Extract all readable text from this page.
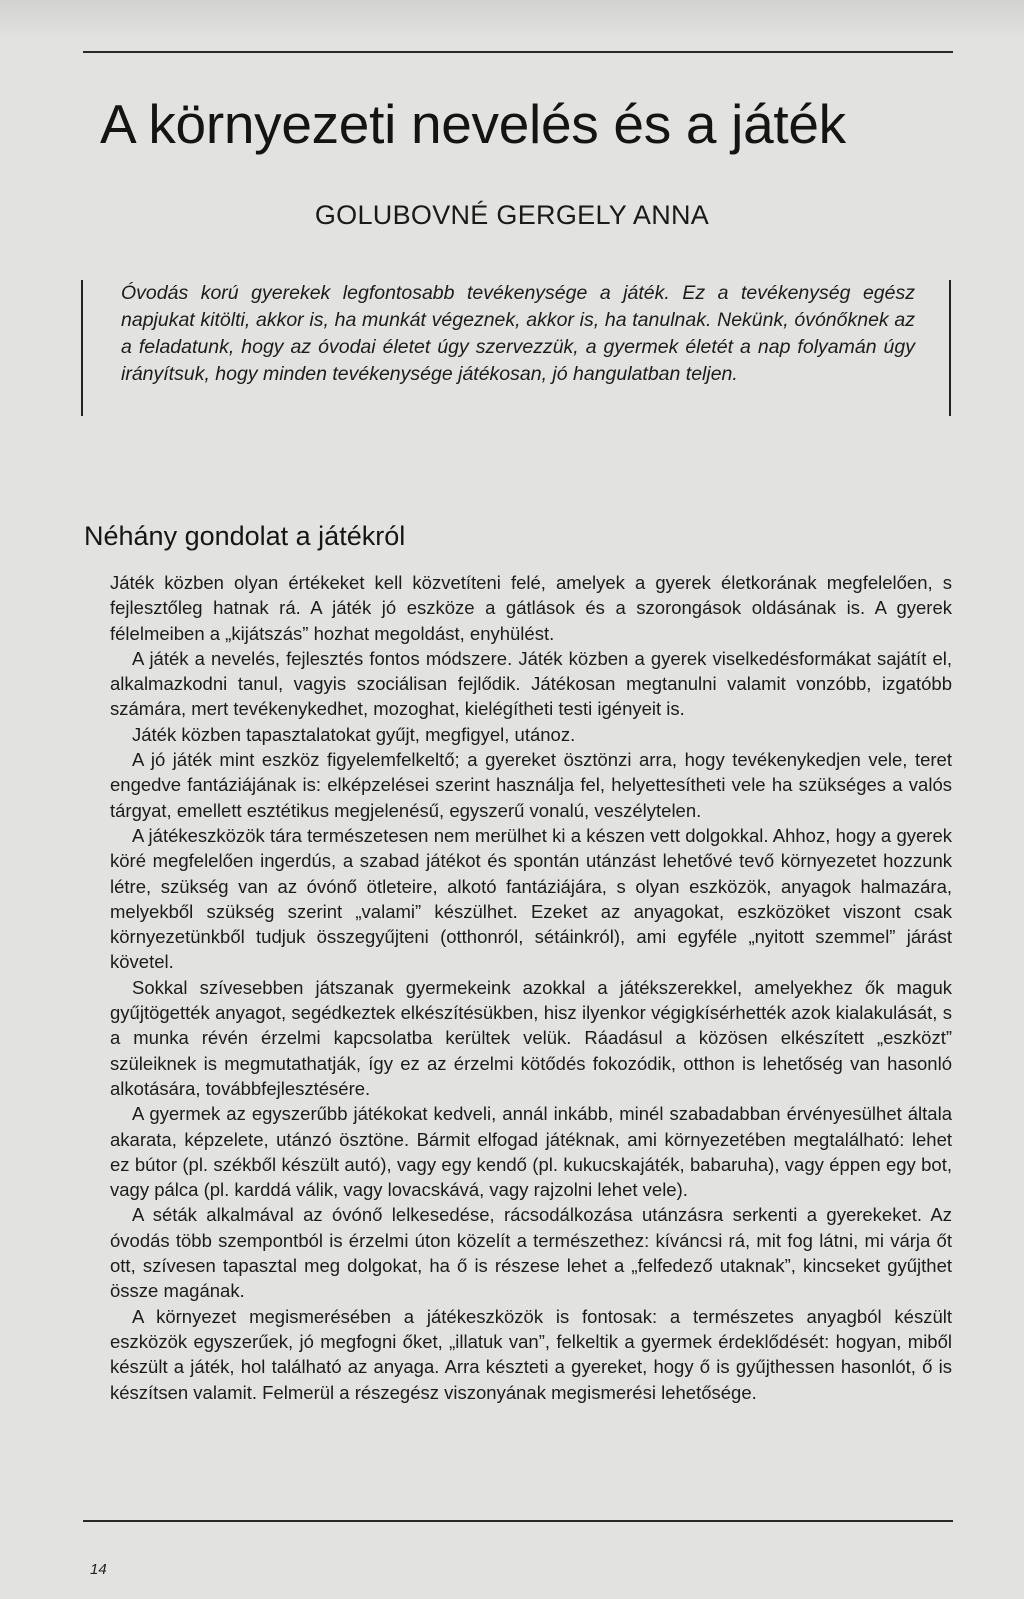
A környezeti nevelés és a játék
GOLUBOVNÉ GERGELY ANNA

Óvodás korú gyerekek legfontosabb tevékenysége a játék. Ez a tevékenység egész napjukat kitölti, akkor is, ha munkát végeznek, akkor is, ha tanulnak. Nekünk, óvónőknek az a feladatunk, hogy az óvodai életet úgy szervezzük, a gyermek életét a nap folyamán úgy irányítsuk, hogy minden tevékenysége játékosan, jó hangulatban teljen.

Néhány gondolat a játékról

Játék közben olyan értékeket kell közvetíteni felé, amelyek a gyerek életkorának megfelelően, s fejlesztőleg hatnak rá. A játék jó eszköze a gátlások és a szorongások oldásának is. A gyerek félelmeiben a „kijátszás” hozhat megoldást, enyhülést.

A játék a nevelés, fejlesztés fontos módszere. Játék közben a gyerek viselkedésformákat sajátít el, alkalmazkodni tanul, vagyis szociálisan fejlődik. Játékosan megtanulni valamit vonzóbb, izgatóbb számára, mert tevékenykedhet, mozoghat, kielégítheti testi igényeit is.

Játék közben tapasztalatokat gyűjt, megfigyel, utánoz.

A jó játék mint eszköz figyelemfelkeltő; a gyereket ösztönzi arra, hogy tevékenykedjen vele, teret engedve fantáziájának is: elképzelései szerint használja fel, helyettesítheti vele ha szükséges a valós tárgyat, emellett esztétikus megjelenésű, egyszerű vonalú, veszélytelen.

A játékeszközök tára természetesen nem merülhet ki a készen vett dolgokkal. Ahhoz, hogy a gyerek köré megfelelően ingerdús, a szabad játékot és spontán utánzást lehetővé tevő környezetet hozzunk létre, szükség van az óvónő ötleteire, alkotó fantáziájára, s olyan eszközök, anyagok halmazára, melyekből szükség szerint „valami” készülhet. Ezeket az anyagokat, eszközöket viszont csak környezetünkből tudjuk összegyűjteni (otthonról, sétáinkról), ami egyféle „nyitott szemmel” járást követel.

Sokkal szívesebben játszanak gyermekeink azokkal a játékszerekkel, amelyekhez ők maguk gyűjtögették anyagot, segédkeztek elkészítésükben, hisz ilyenkor végigkísérhették azok kialakulását, s a munka révén érzelmi kapcsolatba kerültek velük. Ráadásul a közösen elkészített „eszközt” szüleiknek is megmutathatják, így ez az érzelmi kötődés fokozódik, otthon is lehetőség van hasonló alkotására, továbbfejlesztésére.

A gyermek az egyszerűbb játékokat kedveli, annál inkább, minél szabadabban érvényesülhet általa akarata, képzelete, utánzó ösztöne. Bármit elfogad játéknak, ami környezetében megtalálható: lehet ez bútor (pl. székből készült autó), vagy egy kendő (pl. kukucskajáték, babaruha), vagy éppen egy bot, vagy pálca (pl. karddá válik, vagy lovacskává, vagy rajzolni lehet vele).

A séták alkalmával az óvónő lelkesedése, rácsodálkozása utánzásra serkenti a gyerekeket. Az óvodás több szempontból is érzelmi úton közelít a természethez: kíváncsi rá, mit fog látni, mi várja őt ott, szívesen tapasztal meg dolgokat, ha ő is részese lehet a „felfedező utaknak”, kincseket gyűjthet össze magának.

A környezet megismerésében a játékeszközök is fontosak: a természetes anyagból készült eszközök egyszerűek, jó megfogni őket, „illatuk van”, felkeltik a gyermek érdeklődését: hogyan, miből készült a játék, hol található az anyaga. Arra készteti a gyereket, hogy ő is gyűjthessen hasonlót, ő is készítsen valamit. Felmerül a részegész viszonyának megismerési lehetősége.

14
